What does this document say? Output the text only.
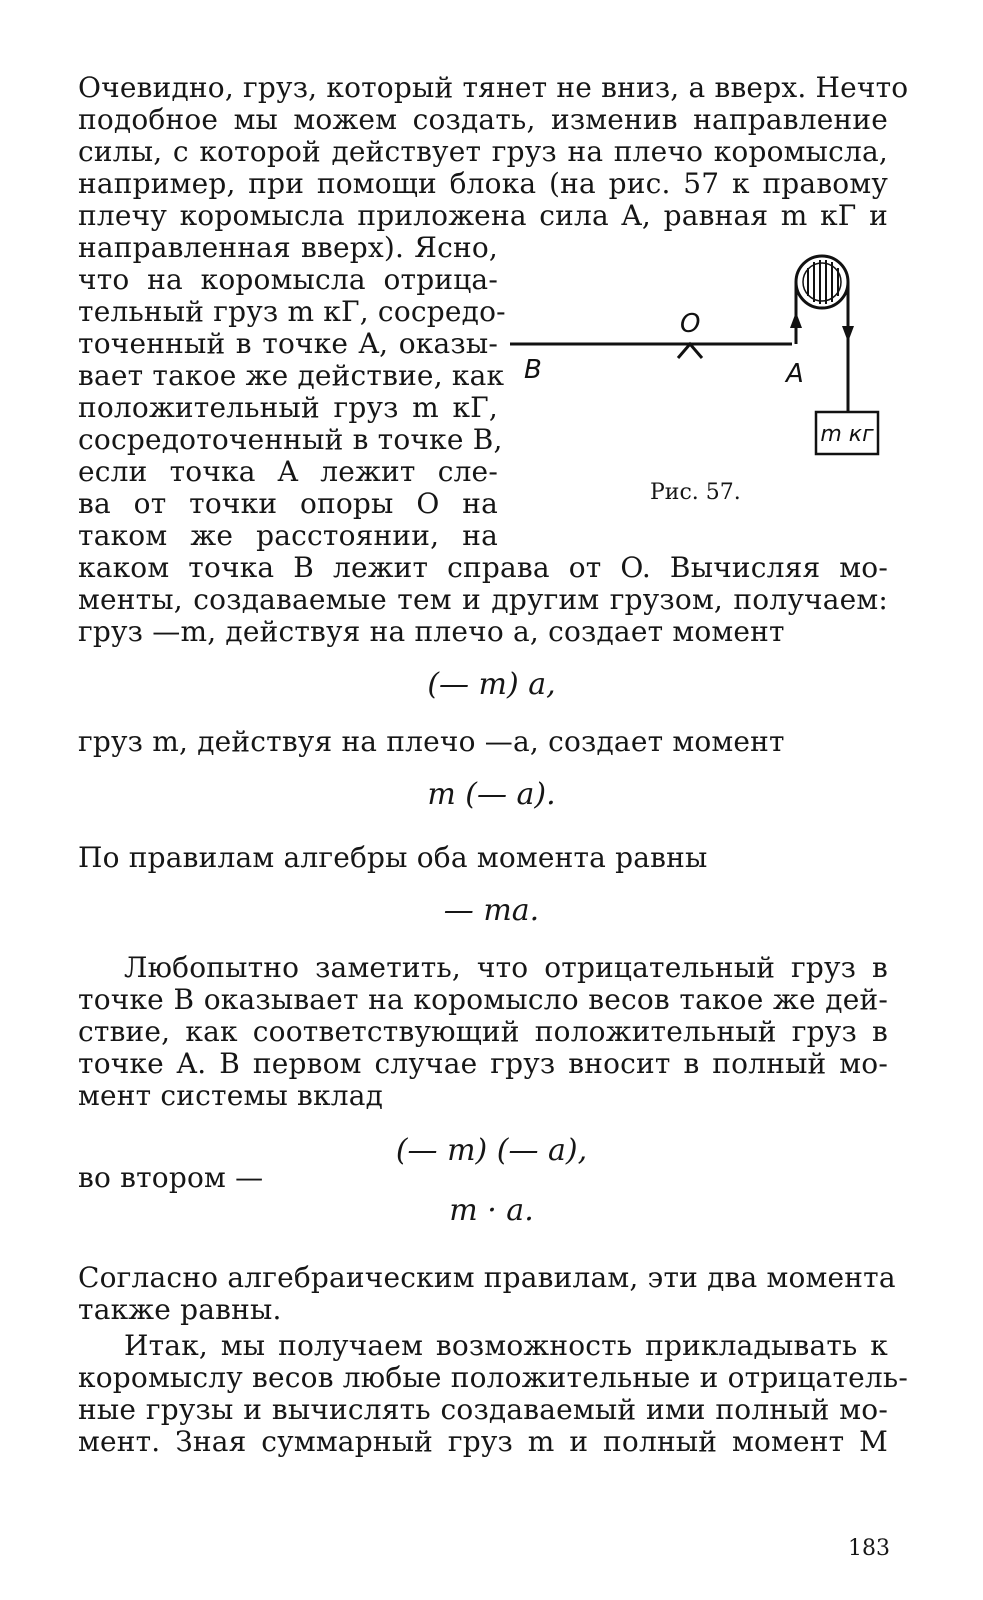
Очевидно, груз, который тянет не вниз, а вверх. Нечто
подобное мы можем создать, изменив направление
силы, с которой действует груз на плечо коромысла,
например, при помощи блока (на рис. 57 к правому
плечу коромысла приложена сила A, равная m кГ и
направленная вверх). Ясно,
что на коромысла отрица-
тельный груз m кГ, сосредо-
точенный в точке A, оказы-
вает такое же действие, как
положительный груз m кГ,
сосредоточенный в точке B,
если точка A лежит сле-
ва от точки опоры O на
таком же расстоянии, на
m кг
O
B	A
Рис. 57.
каком точка B лежит справа от O. Вычисляя мо-
менты, создаваемые тем и другим грузом, получаем:
груз —m, действуя на плечо a, создает момент
(— m) a,
груз m, действуя на плечо —a, создает момент
m (— a).
По правилам алгебры оба момента равны
— ma.
Любопытно заметить, что отрицательный груз в
точке B оказывает на коромысло весов такое же дей-
ствие, как соответствующий положительный груз в
точке A. В первом случае груз вносит в полный мо-
мент системы вклад
(— m) (— a),
во втором —
m · a.
Согласно алгебраическим правилам, эти два момента
также равны.
Итак, мы получаем возможность прикладывать к
коромыслу весов любые положительные и отрицатель-
ные грузы и вычислять создаваемый ими полный мо-
мент. Зная суммарный груз m и полный момент M
183
